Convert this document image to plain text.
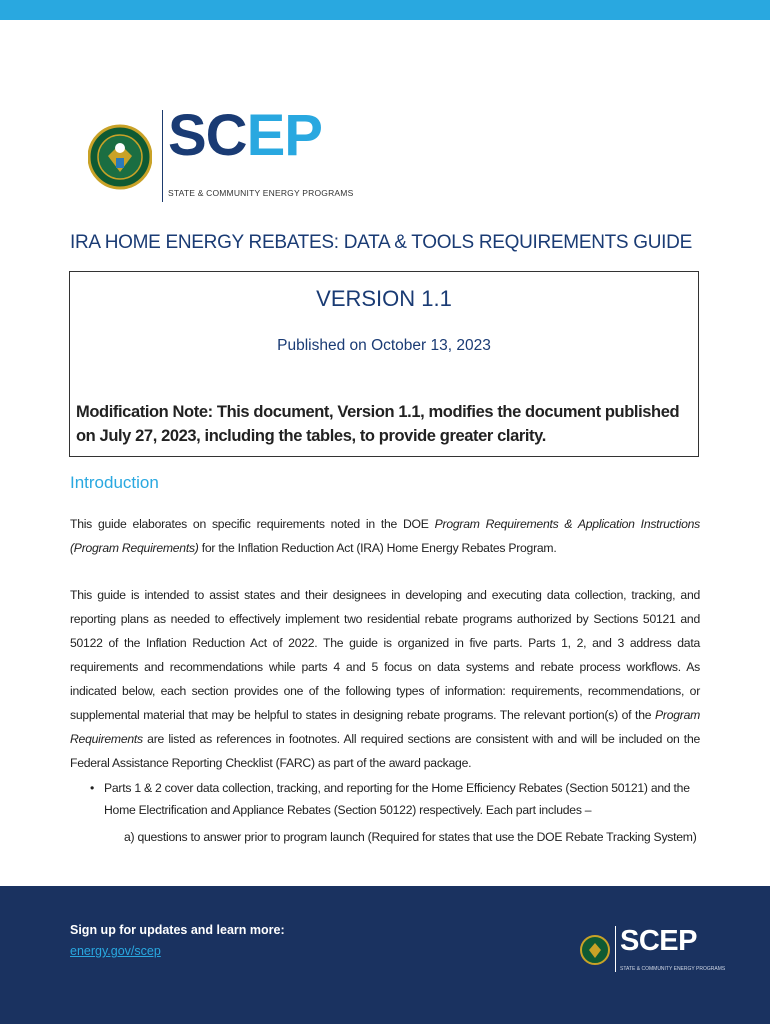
SCEP
STATE & COMMUNITY ENERGY PROGRAMS
IRA HOME ENERGY REBATES: DATA & TOOLS REQUIREMENTS GUIDE
VERSION 1.1
Published on October 13, 2023
Modification Note: This document, Version 1.1, modifies the document published on July 27, 2023, including the tables, to provide greater clarity.
Introduction
This guide elaborates on specific requirements noted in the DOE Program Requirements & Application Instructions (Program Requirements) for the Inflation Reduction Act (IRA) Home Energy Rebates Program.
This guide is intended to assist states and their designees in developing and executing data collection, tracking, and reporting plans as needed to effectively implement two residential rebate programs authorized by Sections 50121 and 50122 of the Inflation Reduction Act of 2022. The guide is organized in five parts. Parts 1, 2, and 3 address data requirements and recommendations while parts 4 and 5 focus on data systems and rebate process workflows. As indicated below, each section provides one of the following types of information: requirements, recommendations, or supplemental material that may be helpful to states in designing rebate programs. The relevant portion(s) of the Program Requirements are listed as references in footnotes. All required sections are consistent with and will be included on the Federal Assistance Reporting Checklist (FARC) as part of the award package.
• Parts 1 & 2 cover data collection, tracking, and reporting for the Home Efficiency Rebates (Section 50121) and the Home Electrification and Appliance Rebates (Section 50122) respectively. Each part includes –
a) questions to answer prior to program launch (Required for states that use the DOE Rebate Tracking System)
Sign up for updates and learn more:
energy.gov/scep	SCEP
STATE & COMMUNITY ENERGY PROGRAMS
